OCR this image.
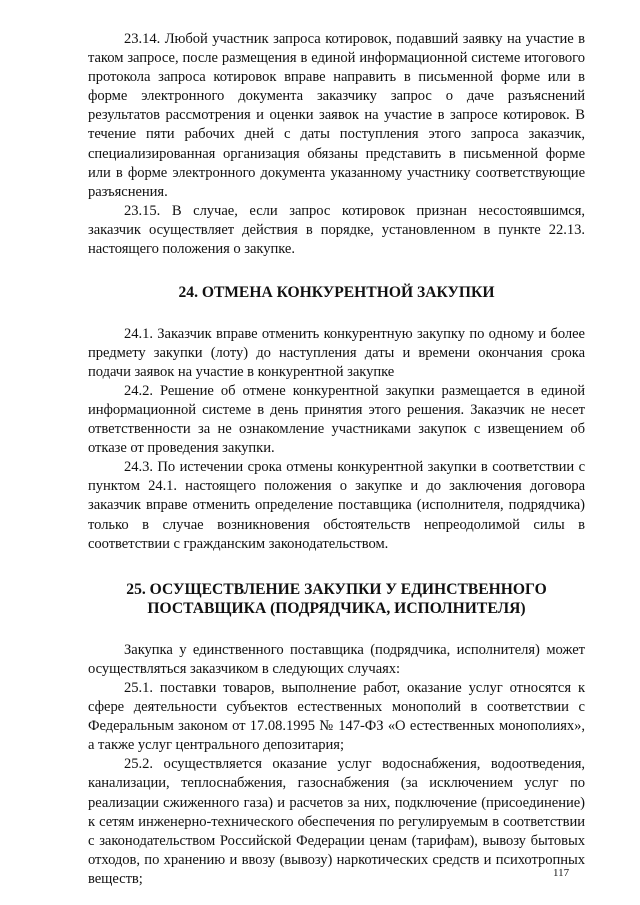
23.14. Любой участник запроса котировок, подавший заявку на участие в таком запросе, после размещения в единой информационной системе итогового протокола запроса котировок вправе направить в письменной форме или в форме электронного документа заказчику запрос о даче разъяснений результатов рассмотрения и оценки заявок на участие в запросе котировок. В течение пяти рабочих дней с даты поступления этого запроса заказчик, специализированная организация обязаны представить в письменной форме или в форме электронного документа указанному участнику соответствующие разъяснения.

23.15. В случае, если запрос котировок признан несостоявшимся, заказчик осуществляет действия в порядке, установленном в пункте 22.13. настоящего положения о закупке.

24. ОТМЕНА КОНКУРЕНТНОЙ ЗАКУПКИ

24.1. Заказчик вправе отменить конкурентную закупку по одному и более предмету закупки (лоту) до наступления даты и времени окончания срока подачи заявок на участие в конкурентной закупке

24.2. Решение об отмене конкурентной закупки размещается в единой информационной системе в день принятия этого решения. Заказчик не несет ответственности за не ознакомление участниками закупок с извещением об отказе от проведения закупки.

24.3. По истечении срока отмены конкурентной закупки в соответствии с пунктом 24.1. настоящего положения о закупке и до заключения договора заказчик вправе отменить определение поставщика (исполнителя, подрядчика) только в случае возникновения обстоятельств непреодолимой силы в соответствии с гражданским законодательством.

25. ОСУЩЕСТВЛЕНИЕ ЗАКУПКИ У ЕДИНСТВЕННОГО
ПОСТАВЩИКА (ПОДРЯДЧИКА, ИСПОЛНИТЕЛЯ)

Закупка у единственного поставщика (подрядчика, исполнителя) может осуществляться заказчиком в следующих случаях:

25.1. поставки товаров, выполнение работ, оказание услуг относятся к сфере деятельности субъектов естественных монополий в соответствии с Федеральным законом от 17.08.1995 № 147-ФЗ «О естественных монополиях», а также услуг центрального депозитария;

25.2. осуществляется оказание услуг водоснабжения, водоотведения, канализации, теплоснабжения, газоснабжения (за исключением услуг по реализации сжиженного газа) и расчетов за них, подключение (присоединение) к сетям инженерно-технического обеспечения по регулируемым в соответствии с законодательством Российской Федерации ценам (тарифам), вывозу бытовых отходов, по хранению и ввозу (вывозу) наркотических средств и психотропных веществ;	117
